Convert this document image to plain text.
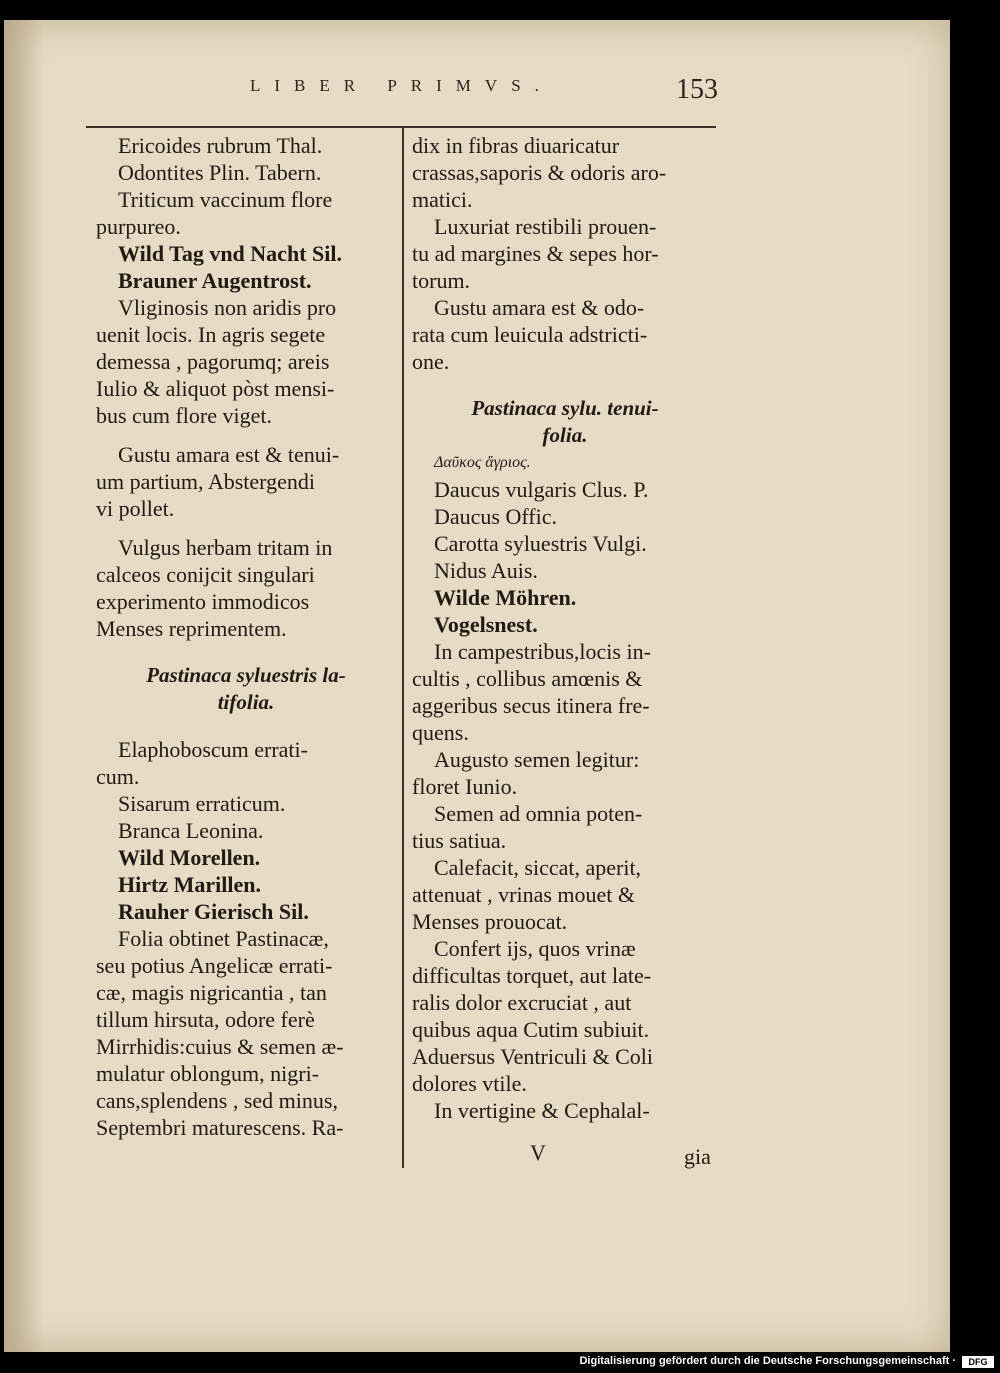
LIBER PRIMVS.	153
Ericoides rubrum Thal.
Odontites Plin. Tabern.
Triticum vaccinum flore
purpureo.
Wild Tag vnd Nacht Sil.
Brauner Augentrost.
Vliginosis non aridis pro
uenit locis. In agris segete
demessa , pagorumq; areis
Iulio & aliquot pòst mensi-
bus cum flore viget.
Gustu amara est & tenui-
um partium, Abstergendi
vi pollet.
Vulgus herbam tritam in
calceos conijcit singulari
experimento immodicos
Menses reprimentem.
Pastinaca syluestris la-
tifolia.
Elaphoboscum errati-
cum.
Sisarum erraticum.
Branca Leonina.
Wild Morellen.
Hirtz Marillen.
Rauher Gierisch Sil.
Folia obtinet Pastinacæ,
seu potius Angelicæ errati-
cæ, magis nigricantia , tan
tillum hirsuta, odore ferè
Mirrhidis:cuius & semen æ-
mulatur oblongum, nigri-
cans,splendens , sed minus,
Septembri maturescens. Ra-
dix in fibras diuaricatur
crassas,saporis & odoris aro-
matici.
Luxuriat restibili prouen-
tu ad margines & sepes hor-
torum.
Gustu amara est & odo-
rata cum leuicula adstricti-
one.
Pastinaca sylu. tenui-
folia.
Δαῦκος ἄγριος.
Daucus vulgaris Clus. P.
Daucus Offic.
Carotta syluestris Vulgi.
Nidus Auis.
Wilde Möhren.
Vogelsnest.
In campestribus,locis in-
cultis , collibus amœnis &
aggeribus secus itinera fre-
quens.
Augusto semen legitur:
floret Iunio.
Semen ad omnia poten-
tius satiua.
Calefacit, siccat, aperit,
attenuat , vrinas mouet &
Menses prouocat.
Confert ijs, quos vrinæ
difficultas torquet, aut late-
ralis dolor excruciat , aut
quibus aqua Cutim subiuit.
Aduersus Ventriculi & Coli
dolores vtile.
In vertigine & Cephalal-
V	gia
Digitalisierung gefördert durch die Deutsche Forschungsgemeinschaft ·	DFG
